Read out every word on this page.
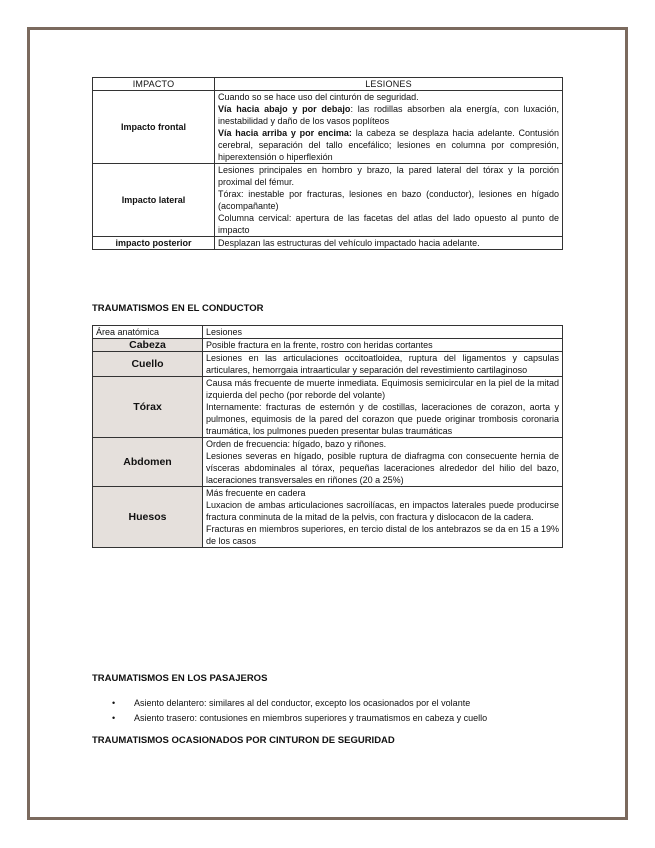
IMPACTO	LESIONES
Impacto frontal	Cuando so se hace uso del cinturón de seguridad.
Vía hacia abajo y por debajo: las rodillas absorben ala energía, con luxación, inestabilidad y daño de los vasos poplíteos
Vía hacia arriba y por encima: la cabeza se desplaza hacia adelante. Contusión cerebral, separación del tallo encefálico; lesiones en columna por compresión, hiperextensión o hiperflexión

Impacto lateral	Lesiones principales en hombro y brazo, la pared lateral del tórax y la porción proximal del fémur.
Tórax: inestable por fracturas, lesiones en bazo (conductor), lesiones en hígado (acompañante)
Columna cervical: apertura de las facetas del atlas del lado opuesto al punto de impacto

impacto posterior	Desplazan las estructuras del vehículo impactado hacia adelante.
TRAUMATISMOS EN EL CONDUCTOR
Área anatómica	Lesiones
Cabeza	Posible fractura en la frente, rostro con heridas cortantes
Cuello	Lesiones en las articulaciones occitoatloidea, ruptura del ligamentos y capsulas articulares, hemorrgaia intraarticular y separación del revestimiento cartilaginoso
Tórax	Causa más frecuente de muerte inmediata. Equimosis semicircular en la piel de la mitad izquierda del pecho (por reborde del volante)
Internamente: fracturas de esternón y de costillas, laceraciones de corazon, aorta y pulmones, equimosis de la pared del corazon que puede originar trombosis coronaria traumática, los pulmones pueden presentar bulas traumáticas

Abdomen	Orden de frecuencia: hígado, bazo y riñones.
Lesiones severas en hígado, posible ruptura de diafragma con consecuente hernia de vísceras abdominales al tórax, pequeñas laceraciones alrededor del hilio del bazo, laceraciones transversales en riñones (20 a 25%)

Huesos	Más frecuente en cadera
Luxacion de ambas articulaciones sacroilíacas, en impactos laterales puede producirse fractura conminuta de la mitad de la pelvis, con fractura y dislocacon de la cadera.
Fracturas en miembros superiores, en tercio distal de los antebrazos se da en 15 a 19% de los casos
TRAUMATISMOS EN LOS PASAJEROS
• Asiento delantero: similares al del conductor, excepto los ocasionados por el volante
• Asiento trasero: contusiones en miembros superiores y traumatismos en cabeza y cuello
TRAUMATISMOS OCASIONADOS POR CINTURON DE SEGURIDAD
